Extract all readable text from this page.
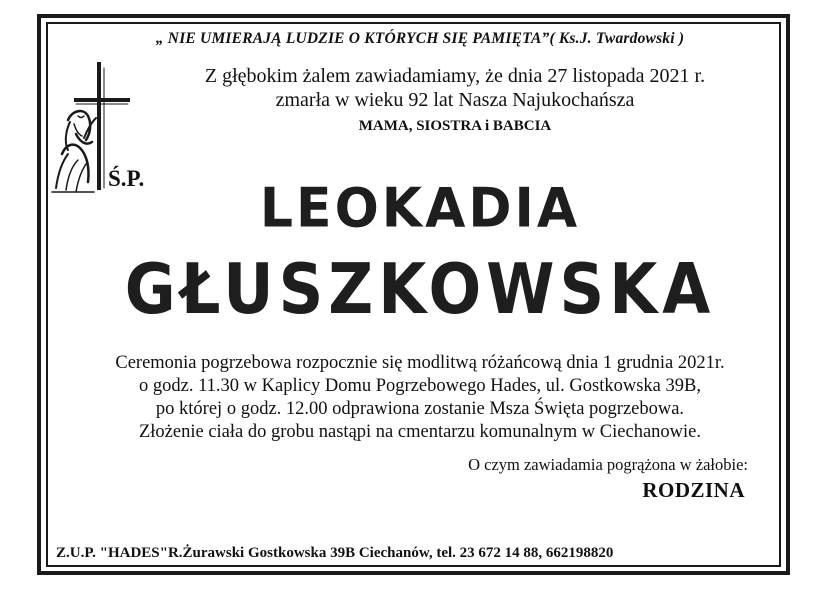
„ NIE UMIERAJĄ LUDZIE O KTÓRYCH SIĘ PAMIĘTA”( Ks.J. Twardowski )
Z głębokim żalem zawiadamiamy, że dnia 27 listopada 2021 r.
zmarła w wieku 92 lat Nasza Najukochańsza
MAMA, SIOSTRA i BABCIA
Ś.P.	LEOKADIA
GŁUSZKOWSKA
Ceremonia pogrzebowa rozpocznie się modlitwą różańcową dnia 1 grudnia 2021r.
o godz. 11.30 w Kaplicy Domu Pogrzebowego Hades, ul. Gostkowska 39B,
po której o godz. 12.00 odprawiona zostanie Msza Święta pogrzebowa.
Złożenie ciała do grobu nastąpi na cmentarzu komunalnym w Ciechanowie.
O czym zawiadamia pogrążona w żałobie:
RODZINA
Z.U.P. "HADES"R.Żurawski Gostkowska 39B Ciechanów, tel. 23 672 14 88, 662198820
